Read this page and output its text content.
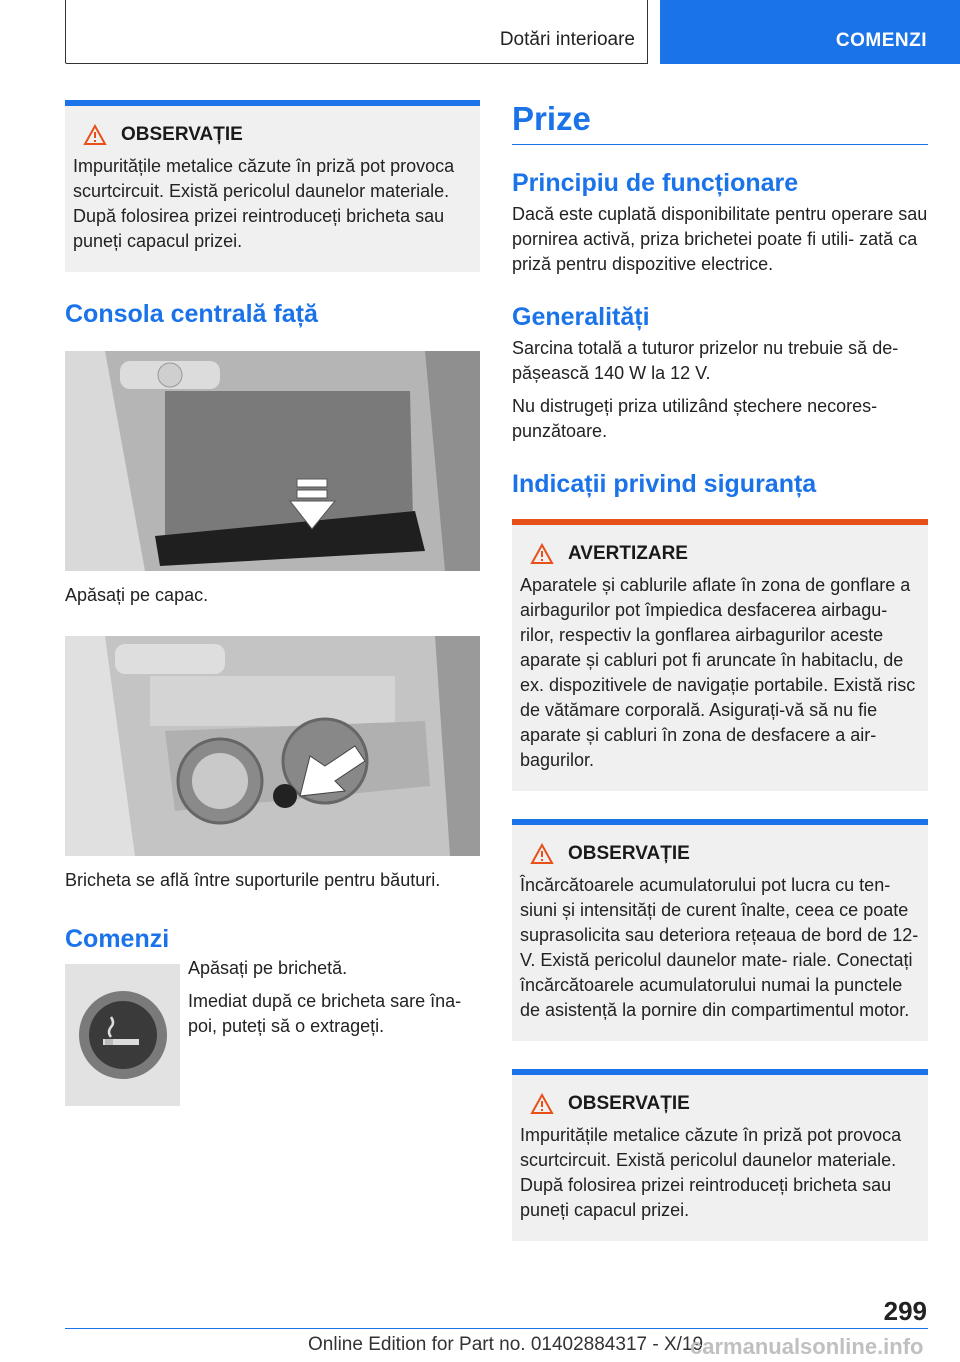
Dotări interioare	COMENZI
OBSERVAȚIE
Impuritățile metalice căzute în priză pot provoca scurtcircuit. Există pericolul daunelor materiale. După folosirea prizei reintroduceți bricheta sau puneți capacul prizei.
Consola centrală față

Apăsați pe capac.

Bricheta se află între suporturile pentru băuturi.

Comenzi

Apăsați pe brichetă.

Imediat după ce bricheta sare îna‐ poi, puteți să o extrageți.

Prize
Principiu de funcționare

Dacă este cuplată disponibilitate pentru operare sau pornirea activă, priza brichetei poate fi utili‐ zată ca priză pentru dispozitive electrice.

Generalități

Sarcina totală a tuturor prizelor nu trebuie să de‐ pășească 140 W la 12 V.

Nu distrugeți priza utilizând ștechere necores‐ punzătoare.

Indicații privind siguranța
AVERTIZARE
Aparatele și cablurile aflate în zona de gonflare a airbagurilor pot împiedica desfacerea airbagu‐ rilor, respectiv la gonflarea airbagurilor aceste aparate și cabluri pot fi aruncate în habitaclu, de ex. dispozitivele de navigație portabile. Există risc de vătămare corporală. Asigurați-vă să nu fie aparate și cabluri în zona de desfacere a air‐ bagurilor.
OBSERVAȚIE
Încărcătoarele acumulatorului pot lucra cu ten‐ siuni și intensități de curent înalte, ceea ce poate suprasolicita sau deteriora rețeaua de bord de 12-V. Există pericolul daunelor mate‐ riale. Conectați încărcătoarele acumulatorului numai la punctele de asistență la pornire din compartimentul motor.
OBSERVAȚIE
Impuritățile metalice căzute în priză pot provoca scurtcircuit. Există pericolul daunelor materiale. După folosirea prizei reintroduceți bricheta sau puneți capacul prizei.
299
Online Edition for Part no. 01402884317 - X/19
carmanualsonline.info
